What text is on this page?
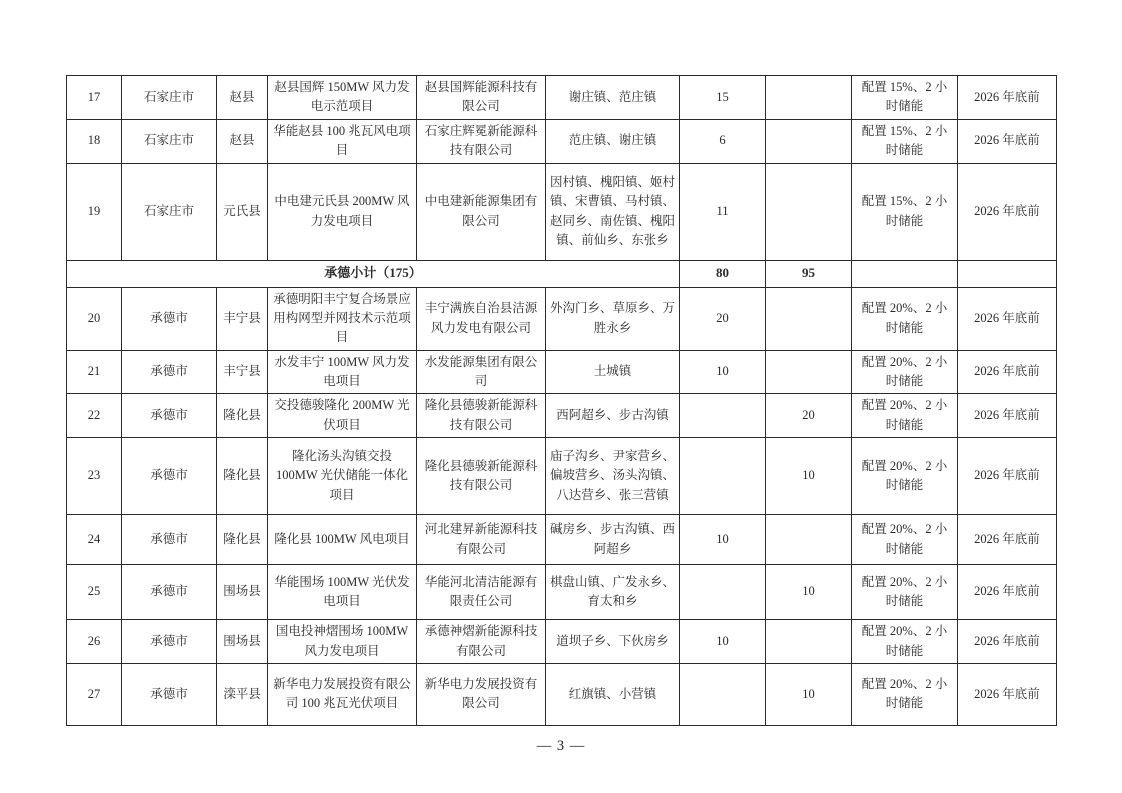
17	石家庄市	赵县	赵县国辉 150MW 风力发电示范项目	赵县国辉能源科技有限公司	谢庄镇、范庄镇	15		配置 15%、2 小时储能	2026 年底前
18	石家庄市	赵县	华能赵县 100 兆瓦风电项目	石家庄辉冕新能源科技有限公司	范庄镇、谢庄镇	6		配置 15%、2 小时储能	2026 年底前
19	石家庄市	元氏县	中电建元氏县 200MW 风力发电项目	中电建新能源集团有限公司	因村镇、槐阳镇、姬村镇、宋曹镇、马村镇、赵同乡、南佐镇、槐阳镇、前仙乡、东张乡	11		配置 15%、2 小时储能	2026 年底前
承德小计（175）						80	95		
20	承德市	丰宁县	承德明阳丰宁复合场景应用构网型并网技术示范项目	丰宁满族自治县洁源风力发电有限公司	外沟门乡、草原乡、万胜永乡	20		配置 20%、2 小时储能	2026 年底前
21	承德市	丰宁县	水发丰宁 100MW 风力发电项目	水发能源集团有限公司	土城镇	10		配置 20%、2 小时储能	2026 年底前
22	承德市	隆化县	交投德骏隆化 200MW 光伏项目	隆化县德骏新能源科技有限公司	西阿超乡、步古沟镇		20	配置 20%、2 小时储能	2026 年底前
23	承德市	隆化县	隆化汤头沟镇交投 100MW 光伏储能一体化项目	隆化县德骏新能源科技有限公司	庙子沟乡、尹家营乡、偏坡营乡、汤头沟镇、八达营乡、张三营镇		10	配置 20%、2 小时储能	2026 年底前
24	承德市	隆化县	隆化县 100MW 风电项目	河北建昇新能源科技有限公司	碱房乡、步古沟镇、西阿超乡	10		配置 20%、2 小时储能	2026 年底前
25	承德市	围场县	华能围场 100MW 光伏发电项目	华能河北清洁能源有限责任公司	棋盘山镇、广发永乡、育太和乡		10	配置 20%、2 小时储能	2026 年底前
26	承德市	围场县	国电投神熠围场 100MW 风力发电项目	承德神熠新能源科技有限公司	道坝子乡、下伙房乡	10		配置 20%、2 小时储能	2026 年底前
27	承德市	滦平县	新华电力发展投资有限公司 100 兆瓦光伏项目	新华电力发展投资有限公司	红旗镇、小营镇		10	配置 20%、2 小时储能	2026 年底前
— 3 —
